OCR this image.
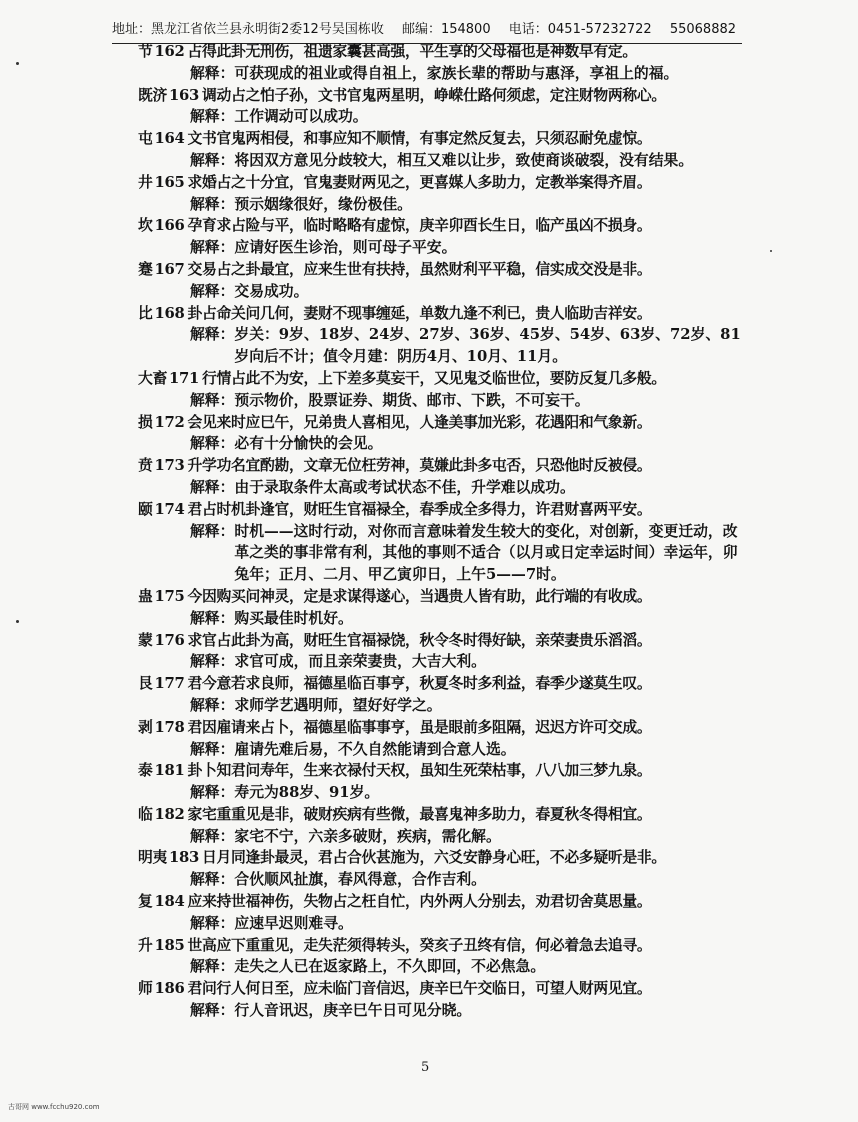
地址：黑龙江省依兰县永明街2委12号吴国栋收 邮编：154800 电话：0451-57232722 55068882
节 162 占得此卦无刑伤，祖遗家囊甚高强，平生享的父母福也是神数早有定。
解释： 可获现成的祖业或得自祖上，家族长辈的帮助与惠泽，享祖上的福。
既济 163 调动占之怕子孙，文书官鬼两星明，峥嵘仕路何须虑，定注财物两称心。
解释： 工作调动可以成功。
屯 164 文书官鬼两相侵，和事应知不顺情，有事定然反复去，只须忍耐免虚惊。
解释： 将因双方意见分歧较大，相互又难以让步，致使商谈破裂，没有结果。
井 165 求婚占之十分宜，官鬼妻财两见之，更喜媒人多助力，定教举案得齐眉。
解释： 预示姻缘很好，缘份极佳。
坎 166 孕育求占险与平，临时略略有虚惊，庚辛卯酉长生日，临产虽凶不损身。
解释： 应请好医生诊治，则可母子平安。
蹇 167 交易占之卦最宜，应来生世有扶持，虽然财利平平稳，信实成交没是非。
解释： 交易成功。
比 168 卦占命关问几何，妻财不现事缠延，单数九逢不利已，贵人临助吉祥安。
解释： 岁关：9岁、18岁、24岁、27岁、36岁、45岁、54岁、63岁、72岁、81岁向后不计；值令月建：阴历4月、10月、11月。
大畜 171 行情占此不为安，上下差多莫妄干，又见鬼爻临世位，要防反复几多般。
解释： 预示物价，股票证券、期货、邮市、下跌，不可妄干。
损 172 会见来时应巳午，兄弟贵人喜相见，人逢美事加光彩，花遇阳和气象新。
解释： 必有十分愉快的会见。
贲 173 升学功名宜酌勘，文章无位枉劳神，莫嫌此卦多屯否，只恐他时反被侵。
解释： 由于录取条件太高或考试状态不佳，升学难以成功。
颐 174 君占时机卦逢官，财旺生官福禄全，春季成全多得力，许君财喜两平安。
解释： 时机——这时行动，对你而言意味着发生较大的变化，对创新，变更迁动，改革之类的事非常有利，其他的事则不适合（以月或日定幸运时间）幸运年，卯兔年；正月、二月、甲乙寅卯日，上午5——7时。
蛊 175 今因购买问神灵，定是求谋得遂心，当遇贵人皆有助，此行端的有收成。
解释： 购买最佳时机好。
蒙 176 求官占此卦为高，财旺生官福禄饶，秋令冬时得好缺，亲荣妻贵乐滔滔。
解释： 求官可成，而且亲荣妻贵，大吉大利。
艮 177 君今意若求良师，福德星临百事亨，秋夏冬时多利益，春季少遂莫生叹。
解释： 求师学艺遇明师，望好好学之。
剥 178 君因雇请来占卜，福德星临事事亨，虽是眼前多阻隔，迟迟方许可交成。
解释： 雇请先难后易，不久自然能请到合意人选。
泰 181 卦卜知君问寿年，生来衣禄付天权，虽知生死荣枯事，八八加三梦九泉。
解释： 寿元为88岁、91岁。
临 182 家宅重重见是非，破财疾病有些微，最喜鬼神多助力，春夏秋冬得相宜。
解释： 家宅不宁，六亲多破财，疾病，需化解。
明夷 183 日月同逢卦最灵，君占合伙甚施为，六爻安静身心旺，不必多疑听是非。
解释： 合伙顺风扯旗，春风得意，合作吉利。
复 184 应来持世福神伤，失物占之枉自忙，内外两人分别去，劝君切舍莫思量。
解释： 应速早迟则难寻。
升 185 世高应下重重见，走失茫须得转头，癸亥子丑终有信，何必着急去追寻。
解释： 走失之人已在返家路上，不久即回，不必焦急。
师 186 君问行人何日至，应未临门音信迟，庚辛巳午交临日，可望人财两见宜。
解释： 行人音讯迟，庚辛巳午日可见分晓。
5
古哥网 www.fcchu920.com
